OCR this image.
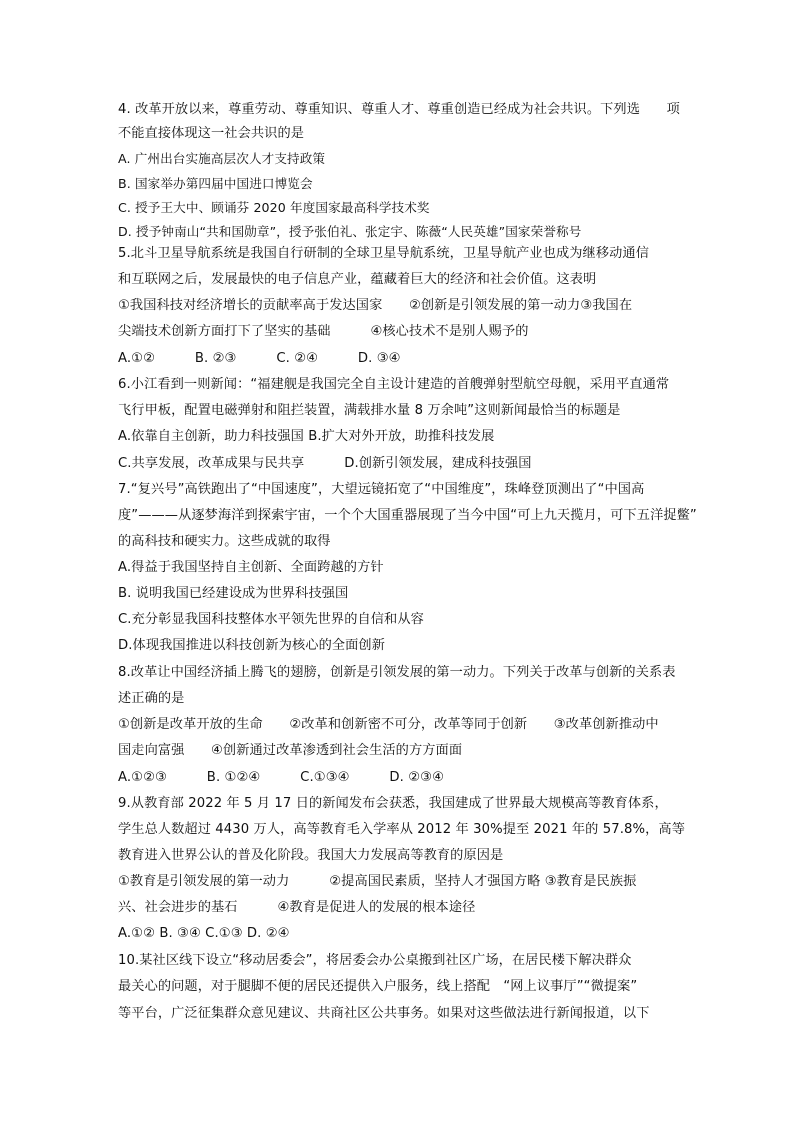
4. 改革开放以来，尊重劳动、尊重知识、尊重人才、尊重创造已经成为社会共识。下列选　　项
不能直接体现这一社会共识的是
A. 广州出台实施高层次人才支持政策
B. 国家举办第四届中国进口博览会
C. 授予王大中、顾诵芬 2020 年度国家最高科学技术奖
D. 授予钟南山“共和国勋章”，授予张伯礼、张定宇、陈薇“人民英雄”国家荣誉称号
5.北斗卫星导航系统是我国自行研制的全球卫星导航系统，卫星导航产业也成为继移动通信
和互联网之后，发展最快的电子信息产业，蕴藏着巨大的经济和社会价值。这表明
①我国科技对经济增长的贡献率高于发达国家　　②创新是引领发展的第一动力③我国在
尖端技术创新方面打下了坚实的基础　　　④核心技术不是别人赐予的
A.①②　　　B. ②③　　　C. ②④　　　D. ③④
6.小江看到一则新闻：“福建舰是我国完全自主设计建造的首艘弹射型航空母舰，采用平直通常
飞行甲板，配置电磁弹射和阻拦装置，满载排水量 8 万余吨”这则新闻最恰当的标题是
A.依靠自主创新，助力科技强国 B.扩大对外开放，助推科技发展
C.共享发展，改革成果与民共享　　　D.创新引领发展，建成科技强国
7.“复兴号”高铁跑出了“中国速度”，大望远镜拓宽了“中国维度”，珠峰登顶测出了“中国高
度”———从逐梦海洋到探索宇宙，一个个大国重器展现了当今中国“可上九天揽月，可下五洋捉鳖”
的高科技和硬实力。这些成就的取得
A.得益于我国坚持自主创新、全面跨越的方针
B. 说明我国已经建设成为世界科技强国
C.充分彰显我国科技整体水平领先世界的自信和从容
D.体现我国推进以科技创新为核心的全面创新
8.改革让中国经济插上腾飞的翅膀，创新是引领发展的第一动力。下列关于改革与创新的关系表
述正确的是
①创新是改革开放的生命　　②改革和创新密不可分，改革等同于创新　　③改革创新推动中
国走向富强　　④创新通过改革渗透到社会生活的方方面面
A.①②③　　　B. ①②④　　　C.①③④　　　D. ②③④
9.从教育部 2022 年 5 月 17 日的新闻发布会获悉，我国建成了世界最大规模高等教育体系，
学生总人数超过 4430 万人，高等教育毛入学率从 2012 年 30%提至 2021 年的 57.8%，高等
教育进入世界公认的普及化阶段。我国大力发展高等教育的原因是
①教育是引领发展的第一动力　　　②提高国民素质，坚持人才强国方略 ③教育是民族振
兴、社会进步的基石　　　④教育是促进人的发展的根本途径
A.①② B. ③④ C.①③ D. ②④
10.某社区线下设立“移动居委会”，将居委会办公桌搬到社区广场，在居民楼下解决群众
最关心的问题，对于腿脚不便的居民还提供入户服务，线上搭配　“网上议事厅”“微提案”
等平台，广泛征集群众意见建议、共商社区公共事务。如果对这些做法进行新闻报道，以下
